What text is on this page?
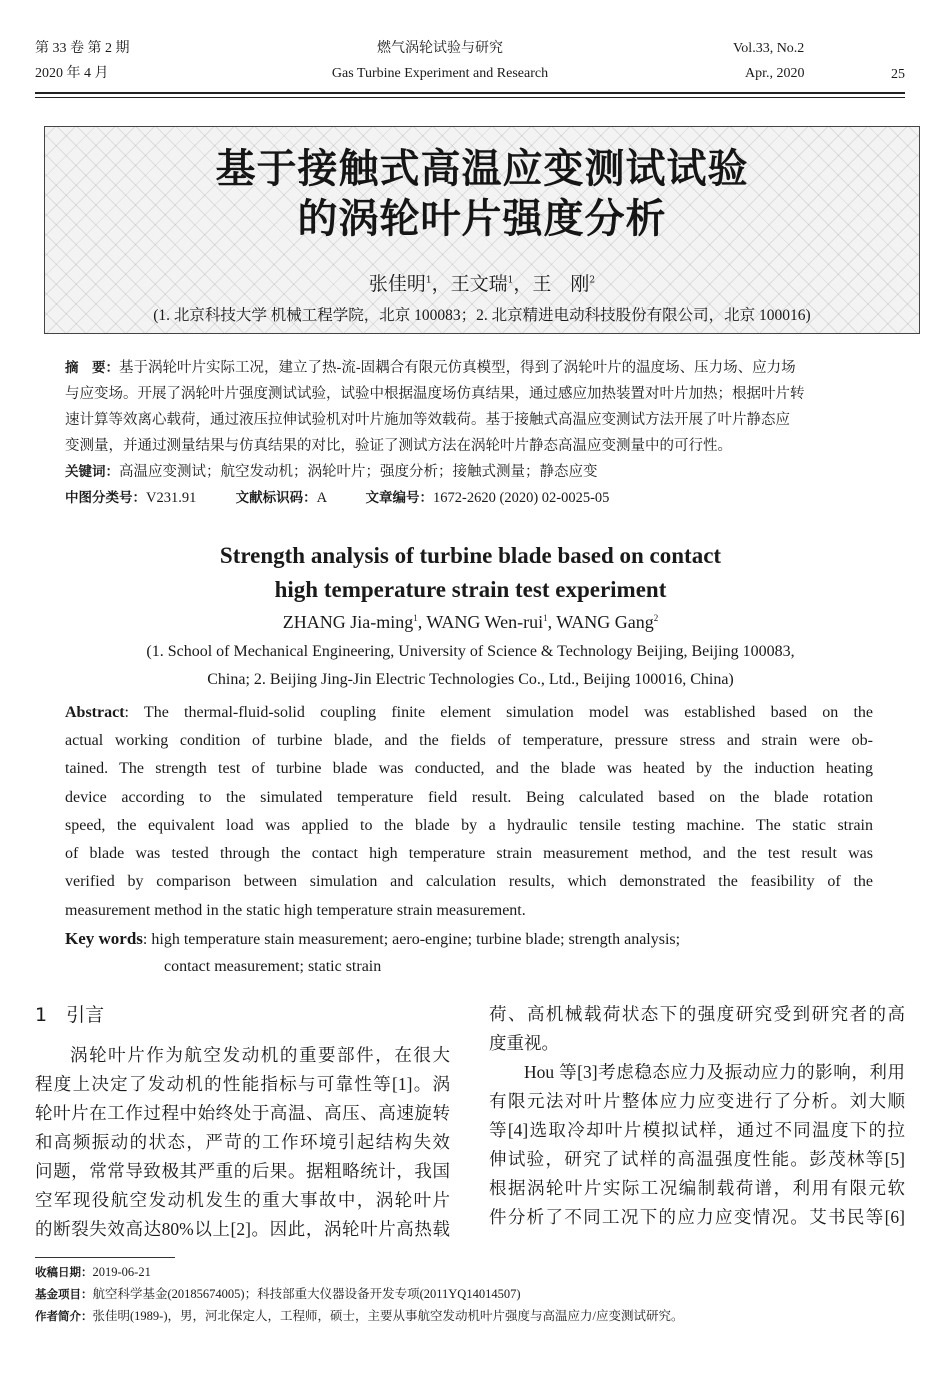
第 33 卷 第 2 期
2020 年 4 月
燃气涡轮试验与研究
Gas Turbine Experiment and Research
Vol.33, No.2
Apr., 2020	25
基于接触式高温应变测试试验
的涡轮叶片强度分析
张佳明$^1$，王文瑞$^1$，王　刚$^2$
(1. 北京科技大学 机械工程学院，北京 100083；2. 北京精进电动科技股份有限公司，北京 100016)
摘　要：基于涡轮叶片实际工况，建立了热-流-固耦合有限元仿真模型，得到了涡轮叶片的温度场、压力场、应力场
与应变场。开展了涡轮叶片强度测试试验，试验中根据温度场仿真结果，通过感应加热装置对叶片加热；根据叶片转
速计算等效离心载荷，通过液压拉伸试验机对叶片施加等效载荷。基于接触式高温应变测试方法开展了叶片静态应
变测量，并通过测量结果与仿真结果的对比，验证了测试方法在涡轮叶片静态高温应变测量中的可行性。
关键词：高温应变测试；航空发动机；涡轮叶片；强度分析；接触式测量；静态应变
中图分类号：V231.91	文献标识码：A	文章编号：1672-2620 (2020) 02-0025-05
Strength analysis of turbine blade based on contact
high temperature strain test experiment
ZHANG Jia-ming$^1$, WANG Wen-rui$^1$, WANG Gang$^2$
(1. School of Mechanical Engineering, University of Science & Technology Beijing, Beijing 100083,
China; 2. Beijing Jing-Jin Electric Technologies Co., Ltd., Beijing 100016, China)
Abstract: The thermal-fluid-solid coupling finite element simulation model was established based on the
actual working condition of turbine blade, and the fields of temperature, pressure stress and strain were ob-
tained. The strength test of turbine blade was conducted, and the blade was heated by the induction heating
device according to the simulated temperature field result. Being calculated based on the blade rotation
speed, the equivalent load was applied to the blade by a hydraulic tensile testing machine. The static strain
of blade was tested through the contact high temperature strain measurement method, and the test result was
verified by comparison between simulation and calculation results, which demonstrated the feasibility of the
measurement method in the static high temperature strain measurement.
Key words: high temperature stain measurement; aero-engine; turbine blade; strength analysis;
contact measurement; static strain
1　引言
涡轮叶片作为航空发动机的重要部件，在很大
程度上决定了发动机的性能指标与可靠性等[1]。涡
轮叶片在工作过程中始终处于高温、高压、高速旋转
和高频振动的状态，严苛的工作环境引起结构失效
问题，常常导致极其严重的后果。据粗略统计，我国
空军现役航空发动机发生的重大事故中，涡轮叶片
的断裂失效高达80%以上[2]。因此，涡轮叶片高热载
荷、高机械载荷状态下的强度研究受到研究者的高
度重视。
Hou 等[3]考虑稳态应力及振动应力的影响，利用
有限元法对叶片整体应力应变进行了分析。刘大顺
等[4]选取冷却叶片模拟试样，通过不同温度下的拉
伸试验，研究了试样的高温强度性能。彭茂林等[5]
根据涡轮叶片实际工况编制载荷谱，利用有限元软
件分析了不同工况下的应力应变情况。艾书民等[6]
收稿日期：2019-06-21
基金项目：航空科学基金(20185674005)；科技部重大仪器设备开发专项(2011YQ14014507)
作者简介：张佳明(1989-)，男，河北保定人，工程师，硕士，主要从事航空发动机叶片强度与高温应力/应变测试研究。
